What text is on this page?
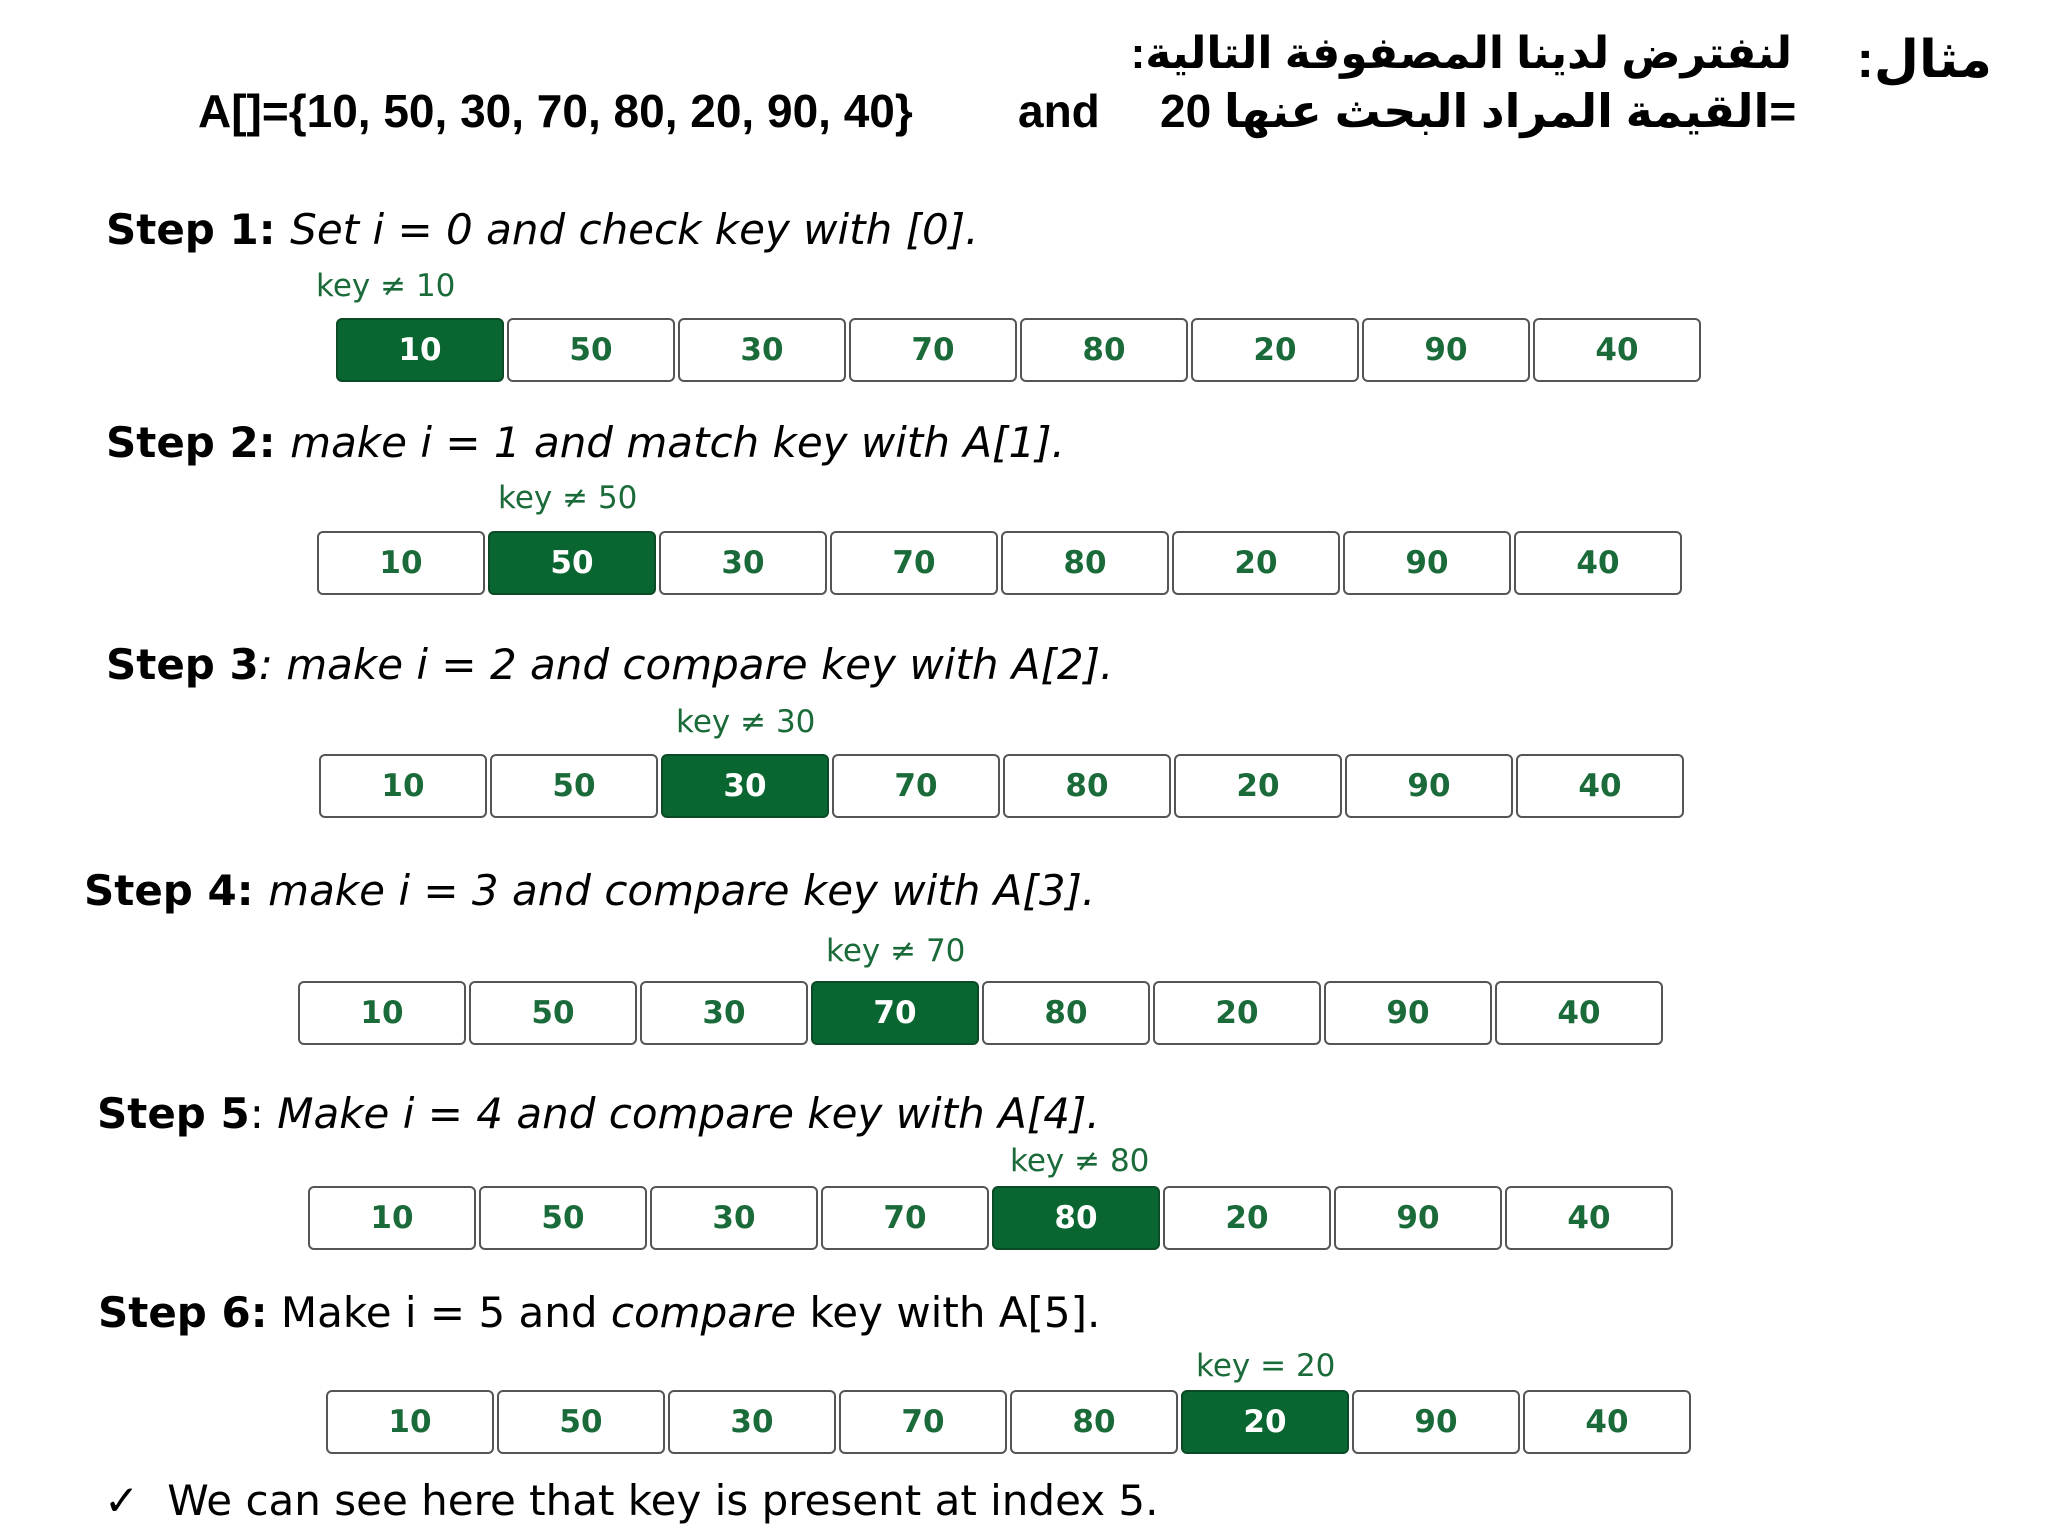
مثال:
لنفترض لدينا المصفوفة التالية:
A[]={10, 50, 30, 70, 80, 20, 90, 40} and 20 =القيمة المراد البحث عنها
Step 1: Set i = 0 and check key with [0].
key ≠ 10
10	50	30	70	80	20	90	40
Step 2: make i = 1 and match key with A[1].
key ≠ 50
10	50	30	70	80	20	90	40
Step 3: make i = 2 and compare key with A[2].
key ≠ 30
10	50	30	70	80	20	90	40
Step 4: make i = 3 and compare key with A[3].
key ≠ 70
10	50	30	70	80	20	90	40
Step 5: Make i = 4 and compare key with A[4].
key ≠ 80
10	50	30	70	80	20	90	40
Step 6: Make i = 5 and compare key with A[5].
key = 20
10	50	30	70	80	20	90	40
✓ We can see here that key is present at index 5.
